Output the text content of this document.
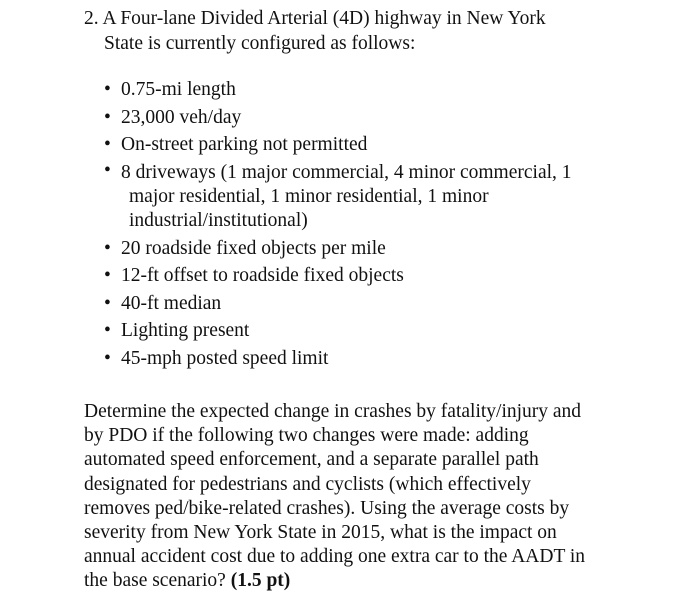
2. A Four-lane Divided Arterial (4D) highway in New York
State is currently configured as follows:
• 0.75-mi length
• 23,000 veh/day
• On-street parking not permitted
• 8 driveways (1 major commercial, 4 minor commercial, 1
major residential, 1 minor residential, 1 minor
industrial/institutional)
• 20 roadside fixed objects per mile
• 12-ft offset to roadside fixed objects
• 40-ft median
• Lighting present
• 45-mph posted speed limit

Determine the expected change in crashes by fatality/injury and
by PDO if the following two changes were made: adding
automated speed enforcement, and a separate parallel path
designated for pedestrians and cyclists (which effectively
removes ped/bike-related crashes). Using the average costs by
severity from New York State in 2015, what is the impact on
annual accident cost due to adding one extra car to the AADT in
the base scenario? (1.5 pt)
